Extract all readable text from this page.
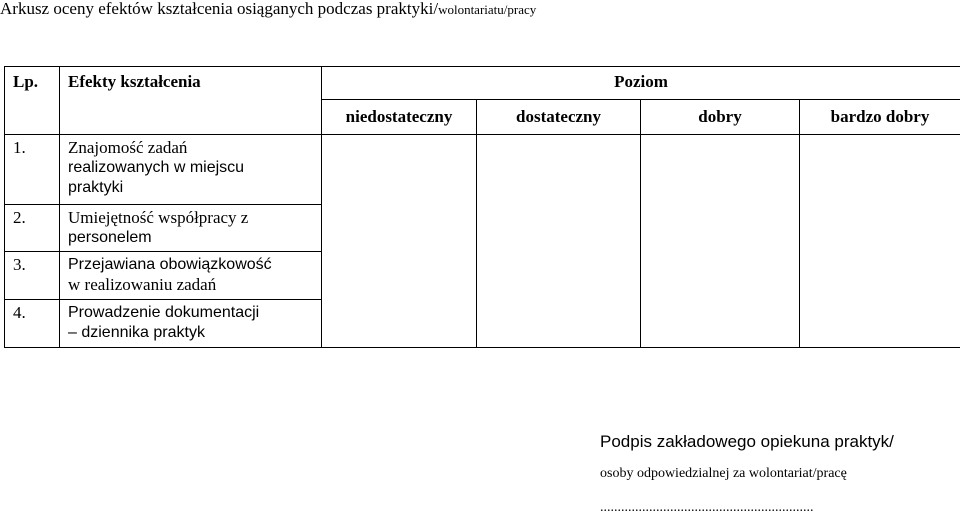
Arkusz oceny efektów kształcenia osiąganych podczas praktyki/wolontariatu/pracy
Lp.	Efekty kształcenia	Poziom			
		niedostateczny	dostateczny	dobry	bardzo dobry
1.	Znajomość zadań
realizowanych w miejscu
praktyki				

2.	Umiejętność współpracy z
personelem				

3.	Przejawiana obowiązkowość
w realizowaniu zadań				

4.	Prowadzenie dokumentacji
– dziennika praktyk				
Podpis zakładowego opiekuna praktyk/
osoby odpowiedzialnej za wolontariat/pracę
.............................................................
